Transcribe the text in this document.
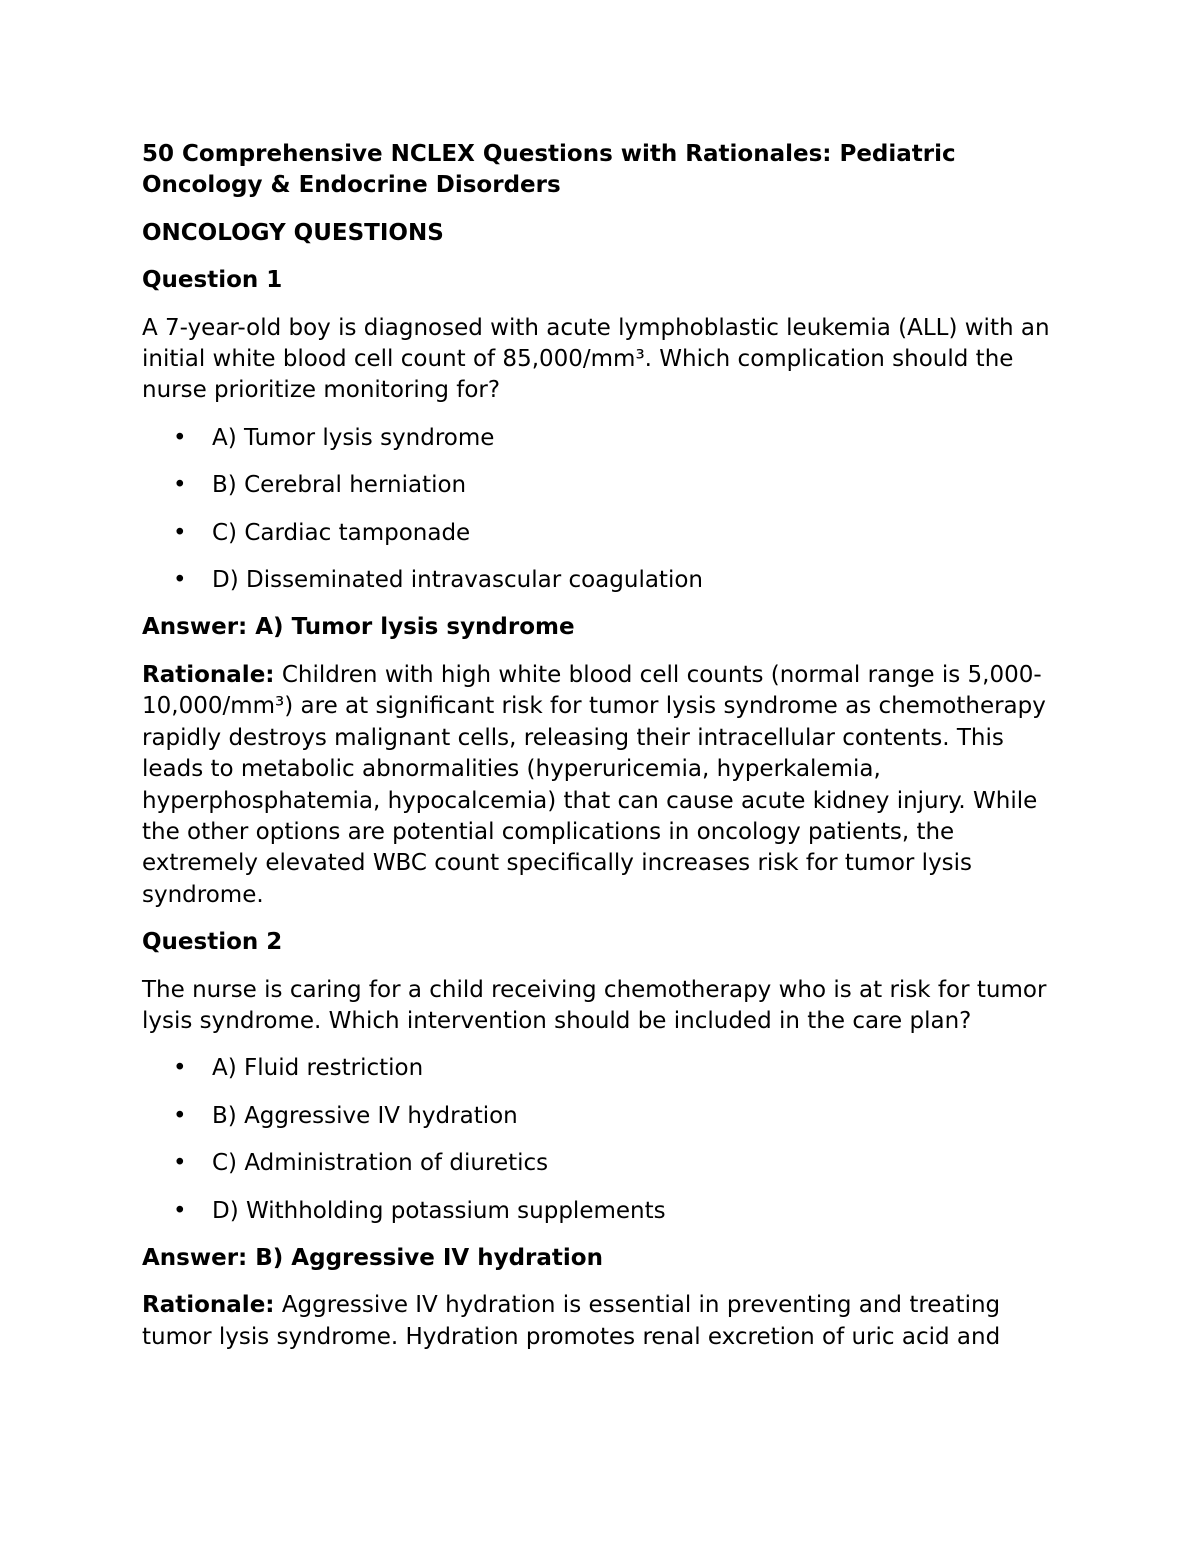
50 Comprehensive NCLEX Questions with Rationales: Pediatric Oncology & Endocrine Disorders
ONCOLOGY QUESTIONS
Question 1
A 7-year-old boy is diagnosed with acute lymphoblastic leukemia (ALL) with an initial white blood cell count of 85,000/mm³. Which complication should the nurse prioritize monitoring for?
• A) Tumor lysis syndrome
• B) Cerebral herniation
• C) Cardiac tamponade
• D) Disseminated intravascular coagulation
Answer: A) Tumor lysis syndrome
Rationale: Children with high white blood cell counts (normal range is 5,000-10,000/mm³) are at significant risk for tumor lysis syndrome as chemotherapy rapidly destroys malignant cells, releasing their intracellular contents. This leads to metabolic abnormalities (hyperuricemia, hyperkalemia, hyperphosphatemia, hypocalcemia) that can cause acute kidney injury. While the other options are potential complications in oncology patients, the extremely elevated WBC count specifically increases risk for tumor lysis syndrome.
Question 2
The nurse is caring for a child receiving chemotherapy who is at risk for tumor lysis syndrome. Which intervention should be included in the care plan?
• A) Fluid restriction
• B) Aggressive IV hydration
• C) Administration of diuretics
• D) Withholding potassium supplements
Answer: B) Aggressive IV hydration
Rationale: Aggressive IV hydration is essential in preventing and treating tumor lysis syndrome. Hydration promotes renal excretion of uric acid and
